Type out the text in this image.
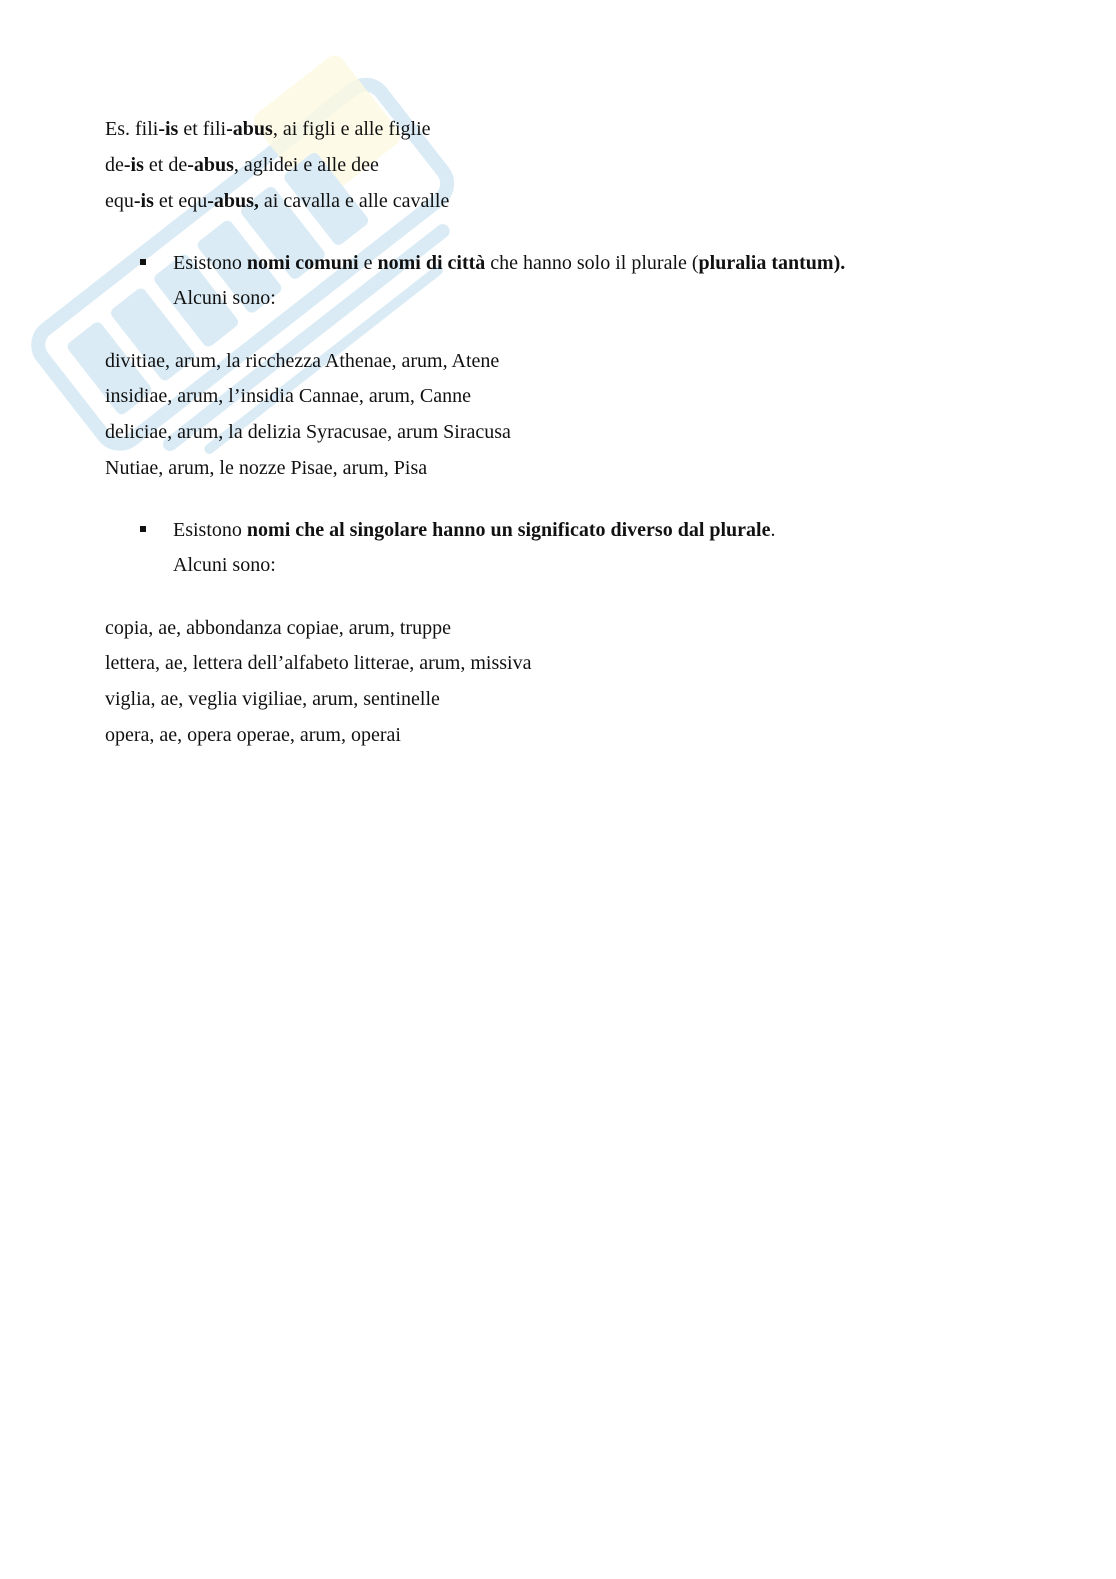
Es. fili-is et fili-abus, ai figli e alle figlie
de-is et de-abus, aglidei e alle dee
equ-is et equ-abus, ai cavalla e alle cavalle
Esistono nomi comuni e nomi di città che hanno solo il plurale (pluralia tantum).
Alcuni sono:
divitiae, arum, la ricchezza Athenae, arum, Atene
insidiae, arum, l’insidia Cannae, arum, Canne
deliciae, arum, la delizia Syracusae, arum Siracusa
Nutiae, arum, le nozze Pisae, arum, Pisa
Esistono nomi che al singolare hanno un significato diverso dal plurale.
Alcuni sono:
copia, ae, abbondanza copiae, arum, truppe
lettera, ae, lettera dell’alfabeto litterae, arum, missiva
viglia, ae, veglia vigiliae, arum, sentinelle
opera, ae, opera operae, arum, operai
